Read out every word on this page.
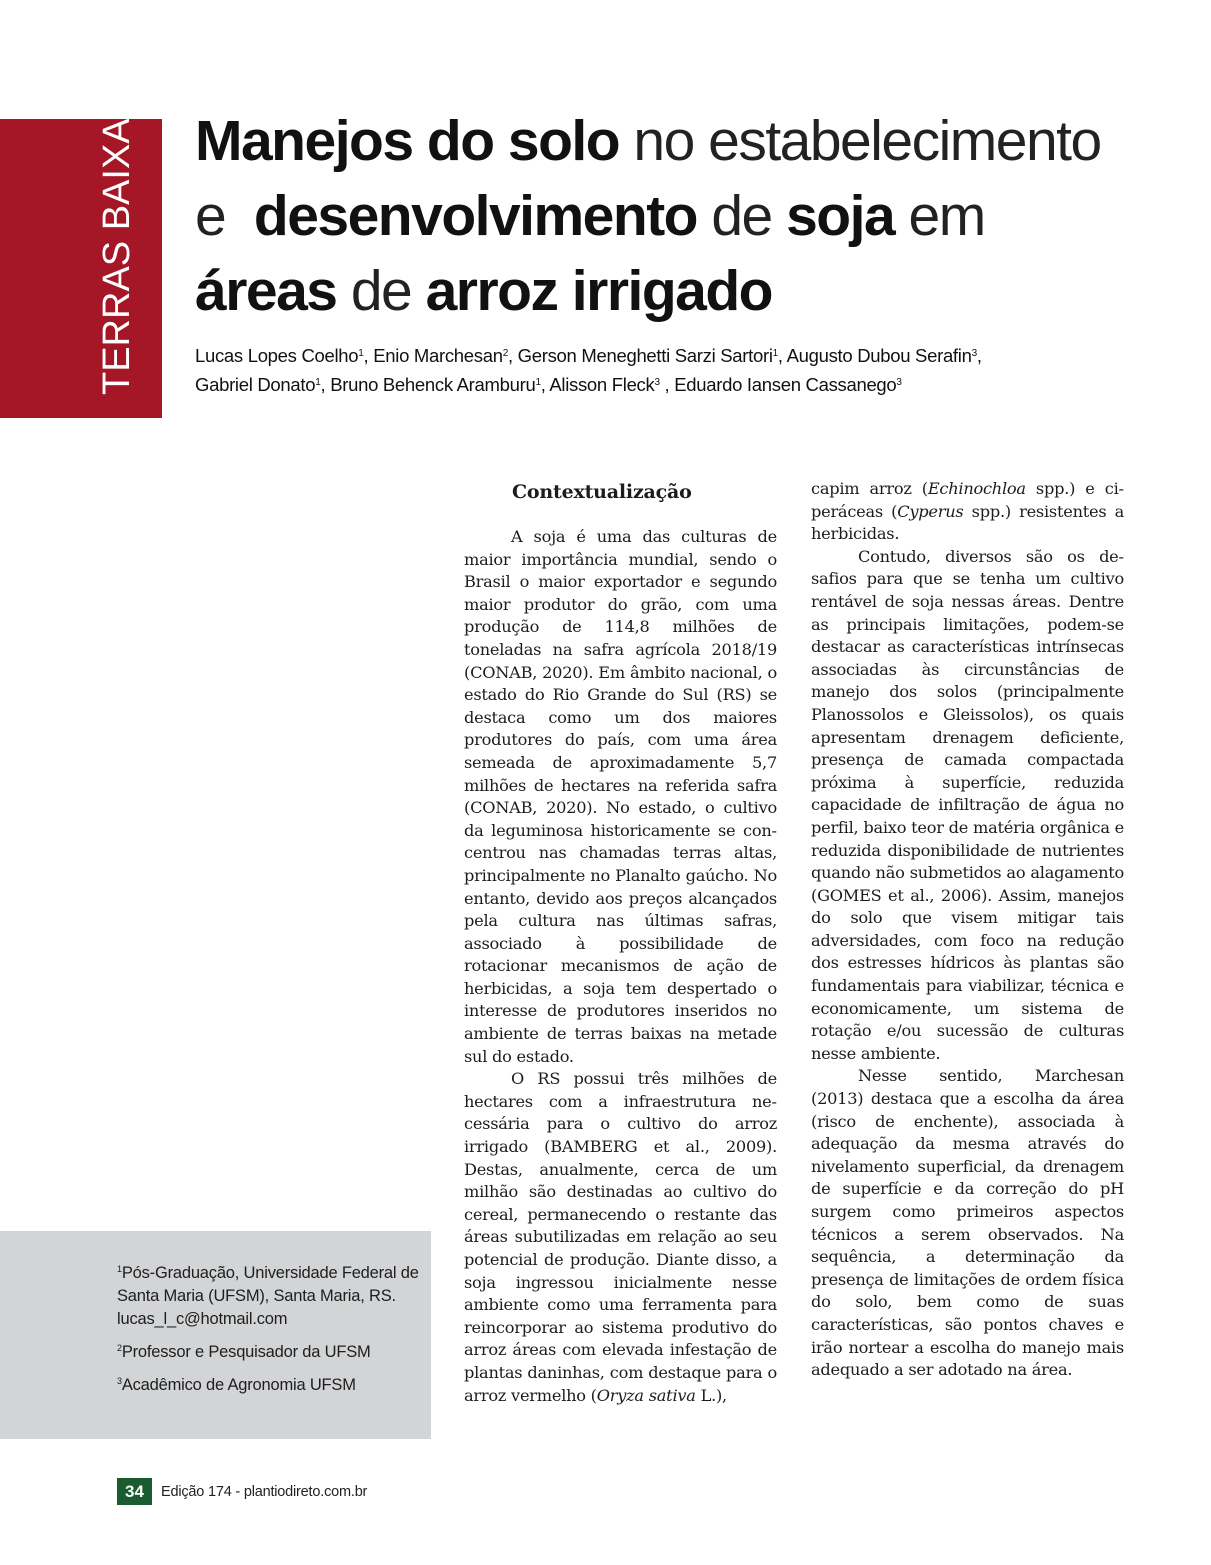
TERRAS BAIXAS Manejos do solo no estabelecimento
e  desenvolvimento de soja em
áreas de arroz irrigado
Lucas Lopes Coelho$^1$, Enio Marchesan$^2$, Gerson Meneghetti Sarzi Sartori$^1$, Augusto Dubou Serafin$^3$,
Gabriel Donato$^1$, Bruno Behenck Aramburu$^1$, Alisson Fleck$^3$ , Eduardo Iansen Cassanego$^3$

$^1$Pós-Graduação, Universidade Federal de Santa Maria (UFSM), Santa Maria, RS.
lucas_l_c@hotmail.com

$^2$Professor e Pesquisador da UFSM

$^3$Acadêmico de Agronomia UFSM

34	Edição 174 - plantiodireto.com.br
Contextualização

A soja é uma das culturas de maior importância mundial, sendo o Brasil o maior exportador e segundo maior produtor do grão, com uma produção de 114,8 milhões de toneladas na safra agrícola 2018/19 (CONAB, 2020). Em âmbito nacional, o estado do Rio Grande do Sul (RS) se destaca como um dos maiores produtores do país, com uma área semeada de aproximadamente 5,7 milhões de hectares na referida safra (CONAB, 2020). No estado, o cultivo da leguminosa historicamente se concentrou nas chamadas terras altas, principalmente no Planalto gaúcho. No entanto, devido aos preços alcançados pela cultura nas últimas safras, associado à possibilidade de rotacionar mecanismos de ação de herbicidas, a soja tem despertado o interesse de produtores inseridos no ambiente de terras baixas na metade sul do estado.

O RS possui três milhões de hectares com a infraestrutura necessária para o cultivo do arroz irrigado (BAMBERG et al., 2009). Destas, anualmente, cerca de um milhão são destinadas ao cultivo do cereal, permanecendo o restante das áreas subutilizadas em relação ao seu potencial de produção. Diante disso, a soja ingressou inicialmente nesse ambiente como uma ferramenta para reincorporar ao sistema produtivo do arroz áreas com elevada infestação de plantas daninhas, com destaque para o arroz vermelho (Oryza sativa L.),

capim arroz (Echinochloa spp.) e ciperáceas (Cyperus spp.) resistentes a herbicidas.

Contudo, diversos são os desafios para que se tenha um cultivo rentável de soja nessas áreas. Dentre as principais limitações, podem-se destacar as características intrínsecas associadas às circunstâncias de manejo dos solos (principalmente Planossolos e Gleissolos), os quais apresentam drenagem deficiente, presença de camada compactada próxima à superfície, reduzida capacidade de infiltração de água no perfil, baixo teor de matéria orgânica e reduzida disponibilidade de nutrientes quando não submetidos ao alagamento (GOMES et al., 2006). Assim, manejos do solo que visem mitigar tais adversidades, com foco na redução dos estresses hídricos às plantas são fundamentais para viabilizar, técnica e economicamente, um sistema de rotação e/ou sucessão de culturas nesse ambiente.

Nesse sentido, Marchesan (2013) destaca que a escolha da área (risco de enchente), associada à adequação da mesma através do nivelamento superficial, da drenagem de superfície e da correção do pH surgem como primeiros aspectos técnicos a serem observados. Na sequência, a determinação da presença de limitações de ordem física do solo, bem como de suas características, são pontos chaves e irão nortear a escolha do manejo mais adequado a ser adotado na área.
